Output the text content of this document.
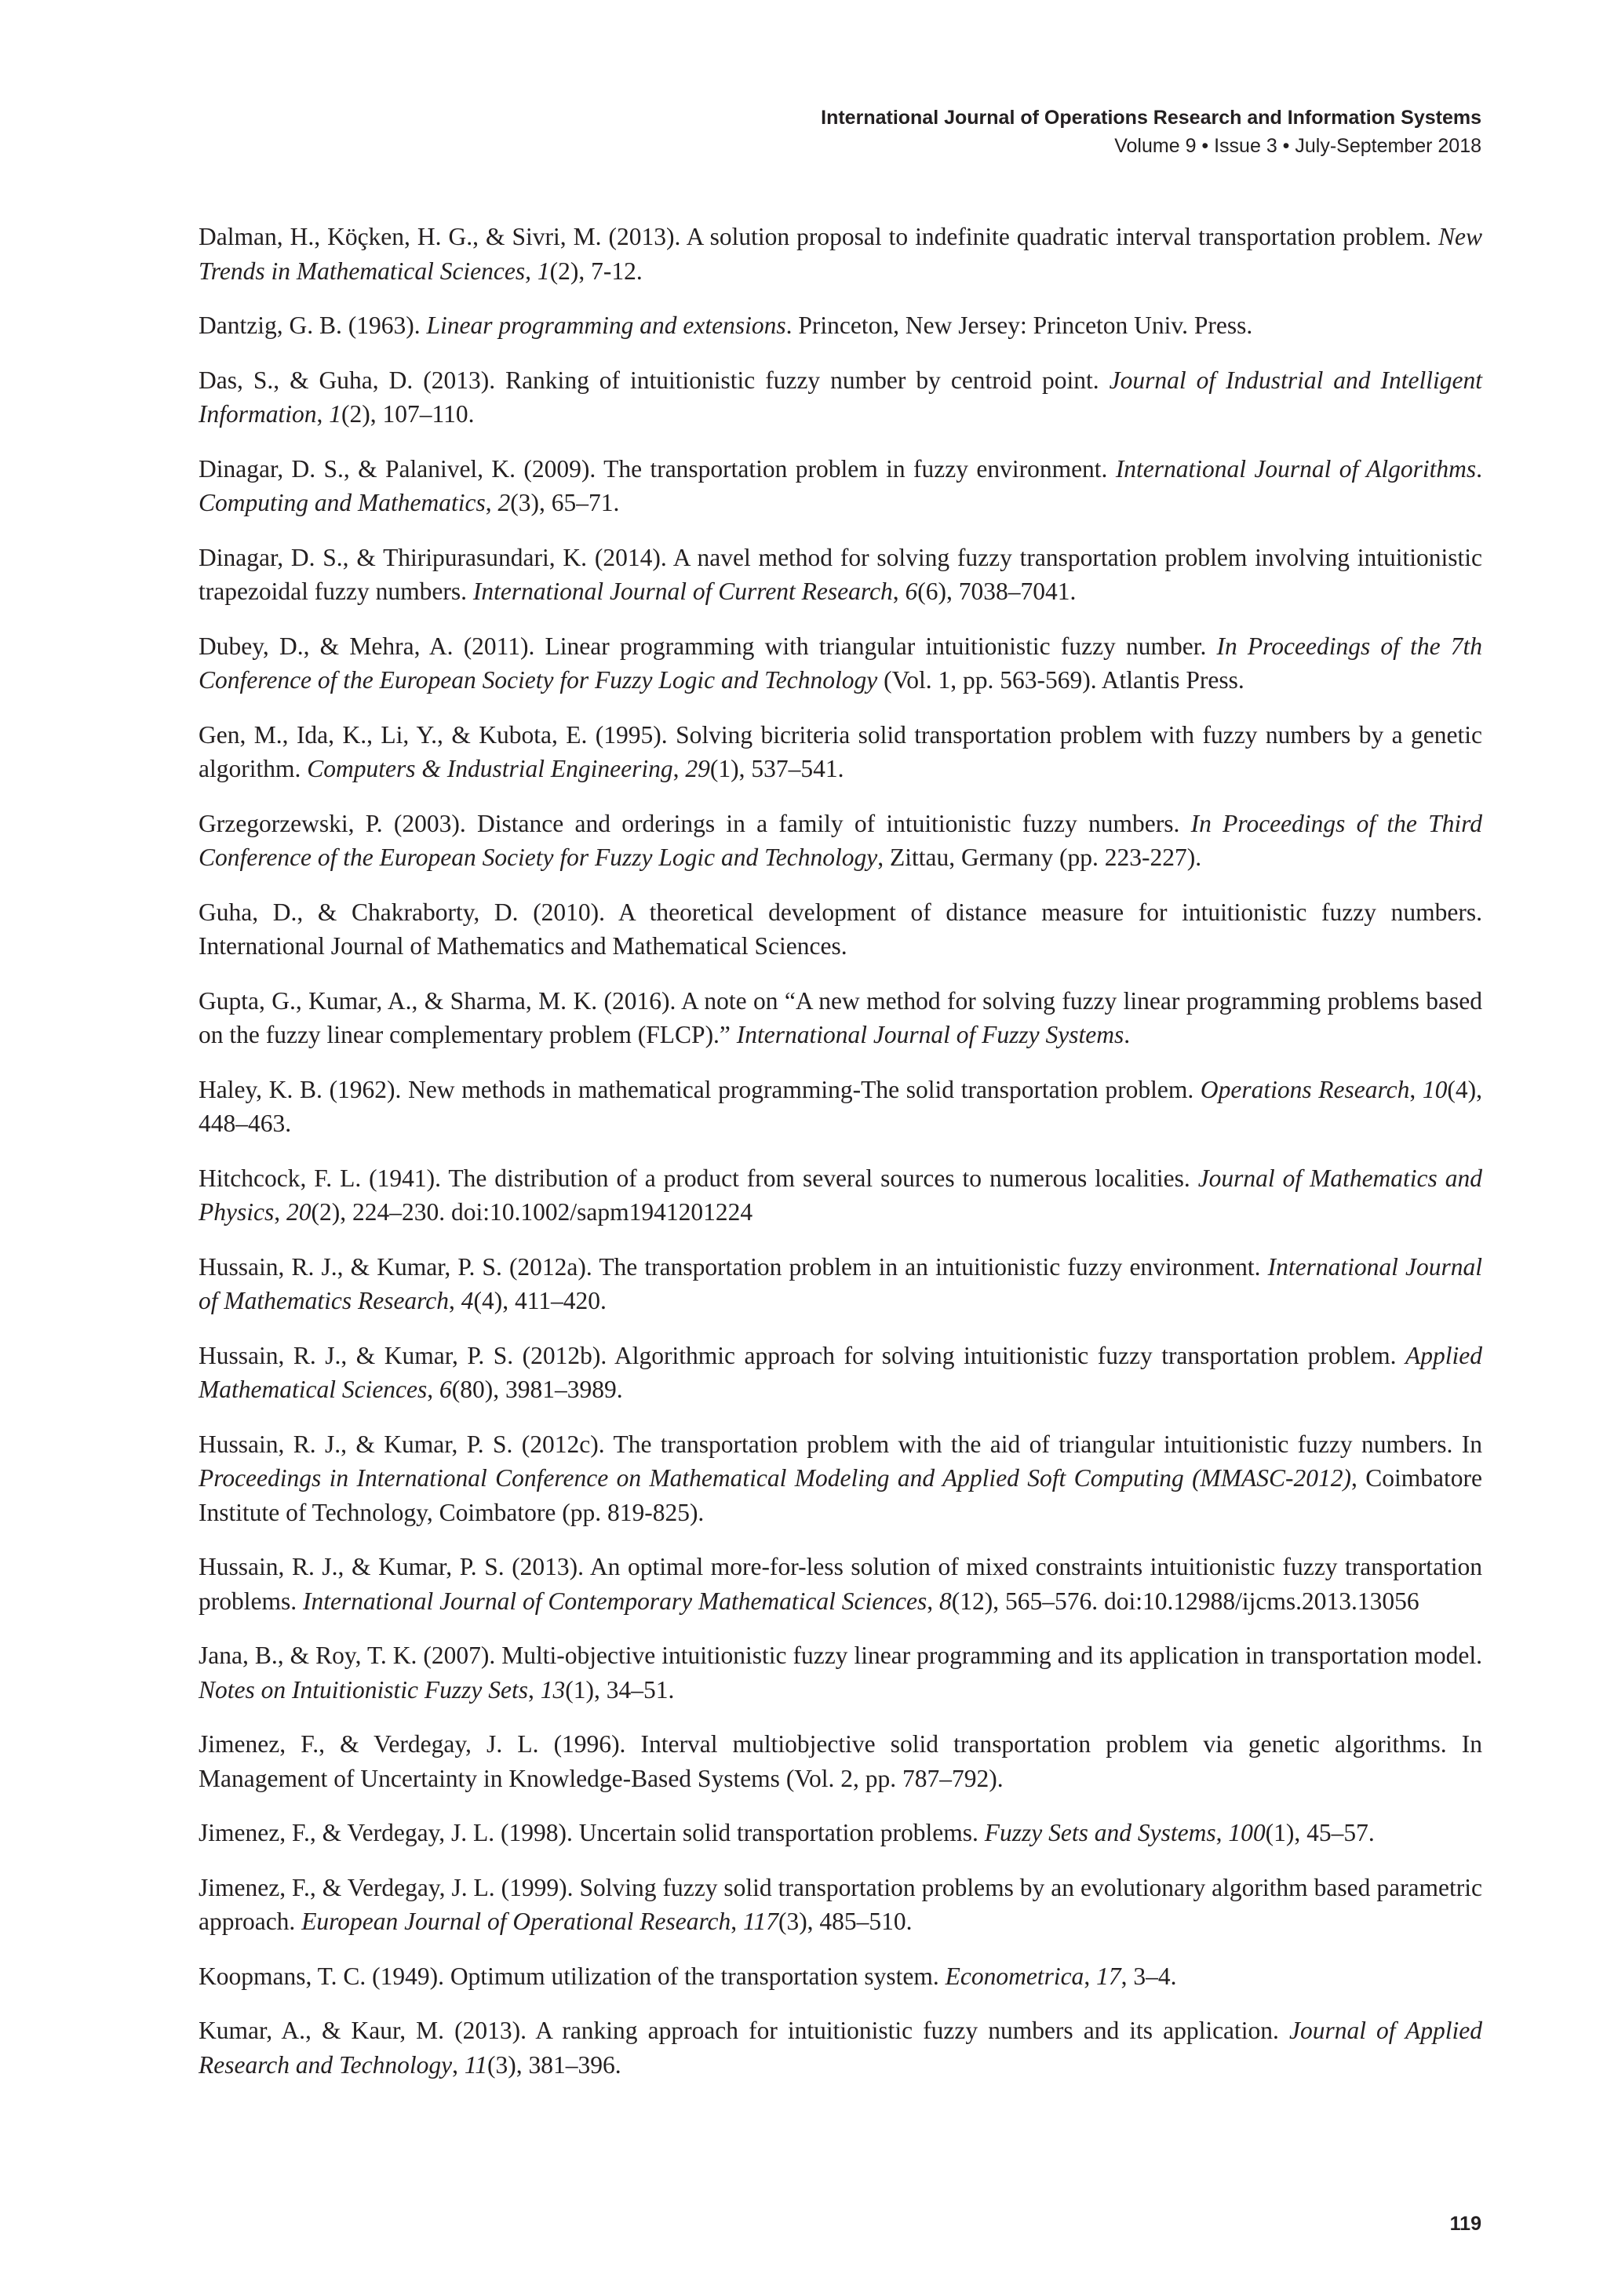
International Journal of Operations Research and Information Systems
Volume 9 • Issue 3 • July-September 2018

Dalman, H., Köçken, H. G., & Sivri, M. (2013). A solution proposal to indefinite quadratic interval transportation problem. New Trends in Mathematical Sciences, 1(2), 7-12.

Dantzig, G. B. (1963). Linear programming and extensions. Princeton, New Jersey: Princeton Univ. Press.

Das, S., & Guha, D. (2013). Ranking of intuitionistic fuzzy number by centroid point. Journal of Industrial and Intelligent Information, 1(2), 107–110.

Dinagar, D. S., & Palanivel, K. (2009). The transportation problem in fuzzy environment. International Journal of Algorithms. Computing and Mathematics, 2(3), 65–71.

Dinagar, D. S., & Thiripurasundari, K. (2014). A navel method for solving fuzzy transportation problem involving intuitionistic trapezoidal fuzzy numbers. International Journal of Current Research, 6(6), 7038–7041.

Dubey, D., & Mehra, A. (2011). Linear programming with triangular intuitionistic fuzzy number. In Proceedings of the 7th Conference of the European Society for Fuzzy Logic and Technology (Vol. 1, pp. 563-569). Atlantis Press.

Gen, M., Ida, K., Li, Y., & Kubota, E. (1995). Solving bicriteria solid transportation problem with fuzzy numbers by a genetic algorithm. Computers & Industrial Engineering, 29(1), 537–541.

Grzegorzewski, P. (2003). Distance and orderings in a family of intuitionistic fuzzy numbers. In Proceedings of the Third Conference of the European Society for Fuzzy Logic and Technology, Zittau, Germany (pp. 223-227).

Guha, D., & Chakraborty, D. (2010). A theoretical development of distance measure for intuitionistic fuzzy numbers. International Journal of Mathematics and Mathematical Sciences.

Gupta, G., Kumar, A., & Sharma, M. K. (2016). A note on “A new method for solving fuzzy linear programming problems based on the fuzzy linear complementary problem (FLCP).” International Journal of Fuzzy Systems.

Haley, K. B. (1962). New methods in mathematical programming-The solid transportation problem. Operations Research, 10(4), 448–463.

Hitchcock, F. L. (1941). The distribution of a product from several sources to numerous localities. Journal of Mathematics and Physics, 20(2), 224–230. doi:10.1002/sapm1941201224

Hussain, R. J., & Kumar, P. S. (2012a). The transportation problem in an intuitionistic fuzzy environment. International Journal of Mathematics Research, 4(4), 411–420.

Hussain, R. J., & Kumar, P. S. (2012b). Algorithmic approach for solving intuitionistic fuzzy transportation problem. Applied Mathematical Sciences, 6(80), 3981–3989.

Hussain, R. J., & Kumar, P. S. (2012c). The transportation problem with the aid of triangular intuitionistic fuzzy numbers. In Proceedings in International Conference on Mathematical Modeling and Applied Soft Computing (MMASC-2012), Coimbatore Institute of Technology, Coimbatore (pp. 819-825).

Hussain, R. J., & Kumar, P. S. (2013). An optimal more-for-less solution of mixed constraints intuitionistic fuzzy transportation problems. International Journal of Contemporary Mathematical Sciences, 8(12), 565–576. doi:10.12988/ijcms.2013.13056

Jana, B., & Roy, T. K. (2007). Multi-objective intuitionistic fuzzy linear programming and its application in transportation model. Notes on Intuitionistic Fuzzy Sets, 13(1), 34–51.

Jimenez, F., & Verdegay, J. L. (1996). Interval multiobjective solid transportation problem via genetic algorithms. In Management of Uncertainty in Knowledge-Based Systems (Vol. 2, pp. 787–792).

Jimenez, F., & Verdegay, J. L. (1998). Uncertain solid transportation problems. Fuzzy Sets and Systems, 100(1), 45–57.

Jimenez, F., & Verdegay, J. L. (1999). Solving fuzzy solid transportation problems by an evolutionary algorithm based parametric approach. European Journal of Operational Research, 117(3), 485–510.

Koopmans, T. C. (1949). Optimum utilization of the transportation system. Econometrica, 17, 3–4.

Kumar, A., & Kaur, M. (2013). A ranking approach for intuitionistic fuzzy numbers and its application. Journal of Applied Research and Technology, 11(3), 381–396.

119
